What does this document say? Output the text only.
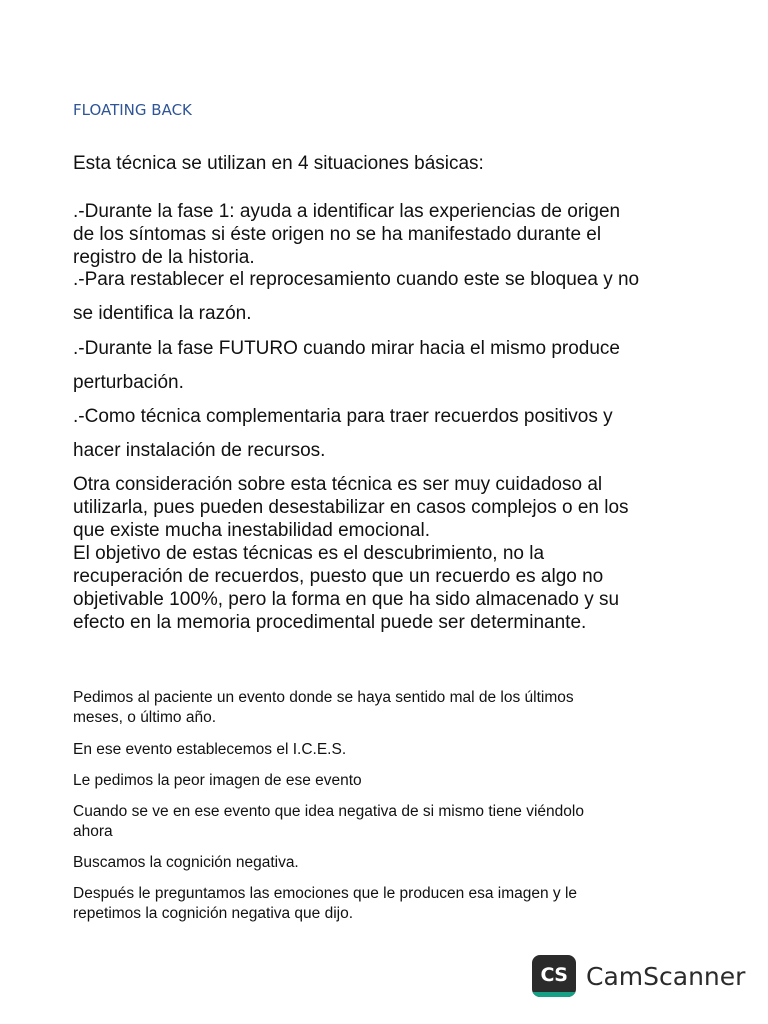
FLOATING BACK

Esta técnica se utilizan en 4 situaciones básicas:

.-Durante la fase 1: ayuda a identificar las experiencias de origen
de los síntomas si éste origen no se ha manifestado durante el
registro de la historia.

.-Para restablecer el reprocesamiento cuando este se bloquea y no
se identifica la razón.

.-Durante la fase FUTURO cuando mirar hacia el mismo produce
perturbación.

.-Como técnica complementaria para traer recuerdos positivos y
hacer instalación de recursos.

Otra consideración sobre esta técnica es ser muy cuidadoso al
utilizarla, pues pueden desestabilizar en casos complejos o en los
que existe mucha inestabilidad emocional.
El objetivo de estas técnicas es el descubrimiento, no la
recuperación de recuerdos, puesto que un recuerdo es algo no
objetivable 100%, pero la forma en que ha sido almacenado y su
efecto en la memoria procedimental puede ser determinante.

Pedimos al paciente un evento donde se haya sentido mal de los últimos
meses, o último año.

En ese evento establecemos el I.C.E.S.

Le pedimos la peor imagen de ese evento

Cuando se ve en ese evento que idea negativa de si mismo tiene viéndolo
ahora

Buscamos la cognición negativa.

Después le preguntamos las emociones que le producen esa imagen y le
repetimos la cognición negativa que dijo.

CS CamScanner
